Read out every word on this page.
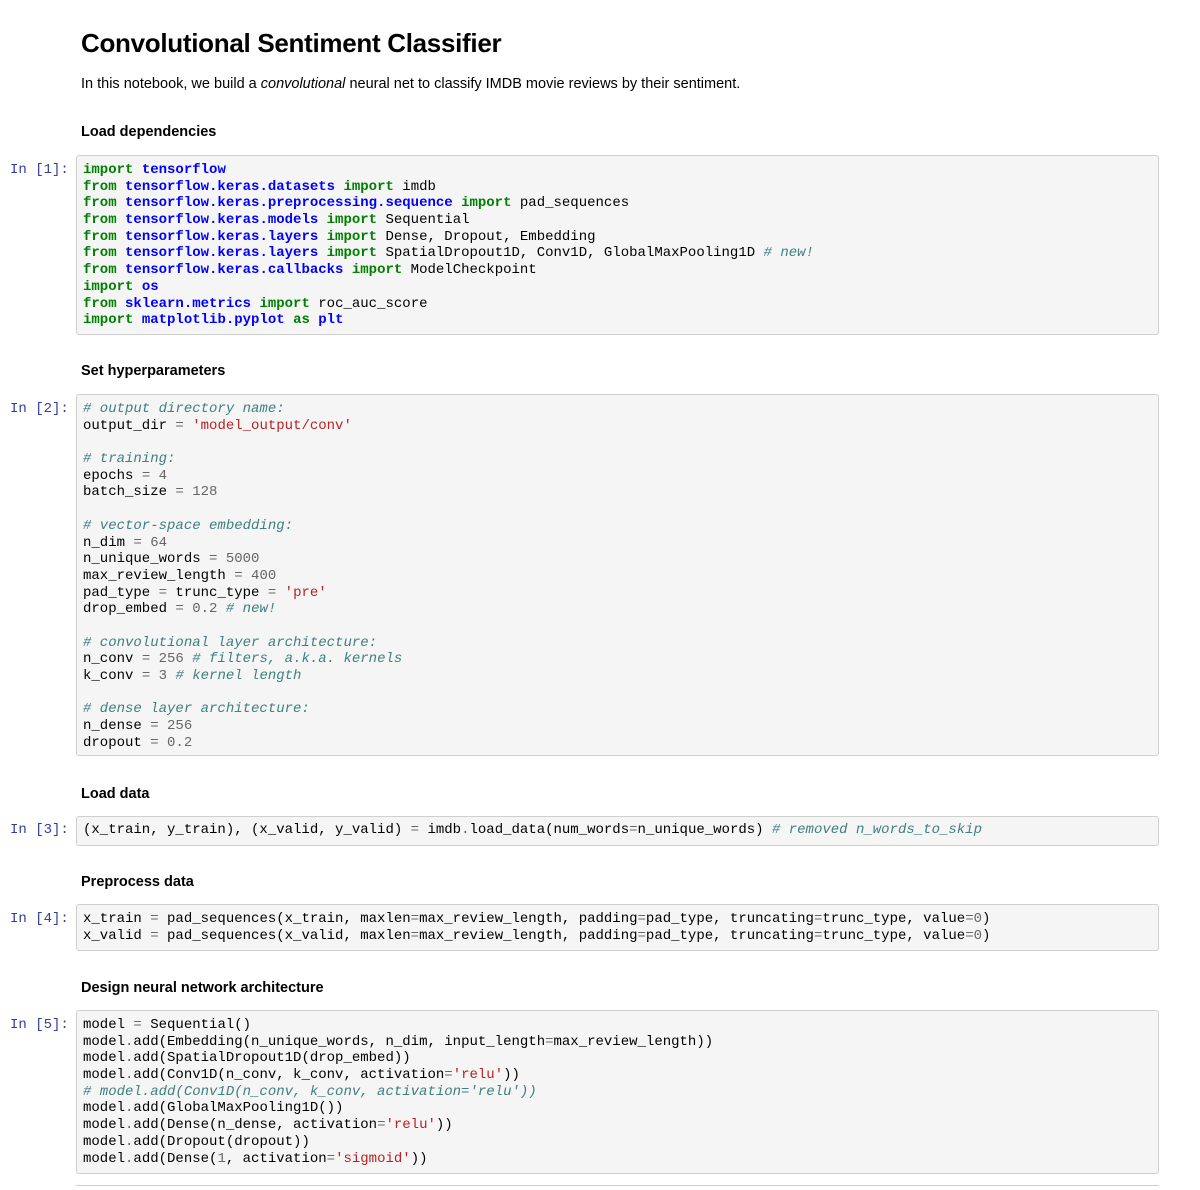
Convolutional Sentiment Classifier

In this notebook, we build a convolutional neural net to classify IMDB movie reviews by their sentiment.

Load dependencies
In [1]: import tensorflow
from tensorflow.keras.datasets import imdb
from tensorflow.keras.preprocessing.sequence import pad_sequences
from tensorflow.keras.models import Sequential
from tensorflow.keras.layers import Dense, Dropout, Embedding
from tensorflow.keras.layers import SpatialDropout1D, Conv1D, GlobalMaxPooling1D # new!
from tensorflow.keras.callbacks import ModelCheckpoint
import os
from sklearn.metrics import roc_auc_score
import matplotlib.pyplot as plt
Set hyperparameters
In [2]: # output directory name:
output_dir = 'model_output/conv'

# training:
epochs = 4
batch_size = 128

# vector-space embedding:
n_dim = 64
n_unique_words = 5000
max_review_length = 400
pad_type = trunc_type = 'pre'
drop_embed = 0.2 # new!

# convolutional layer architecture:
n_conv = 256 # filters, a.k.a. kernels
k_conv = 3 # kernel length

# dense layer architecture:
n_dense = 256
dropout = 0.2
Load data
In [3]: (x_train, y_train), (x_valid, y_valid) = imdb.load_data(num_words=n_unique_words) # removed n_words_to_skip
Preprocess data
In [4]: x_train = pad_sequences(x_train, maxlen=max_review_length, padding=pad_type, truncating=trunc_type, value=0)
x_valid = pad_sequences(x_valid, maxlen=max_review_length, padding=pad_type, truncating=trunc_type, value=0)
Design neural network architecture
In [5]: model = Sequential()
model.add(Embedding(n_unique_words, n_dim, input_length=max_review_length))
model.add(SpatialDropout1D(drop_embed))
model.add(Conv1D(n_conv, k_conv, activation='relu'))
# model.add(Conv1D(n_conv, k_conv, activation='relu'))
model.add(GlobalMaxPooling1D())
model.add(Dense(n_dense, activation='relu'))
model.add(Dropout(dropout))
model.add(Dense(1, activation='sigmoid'))
